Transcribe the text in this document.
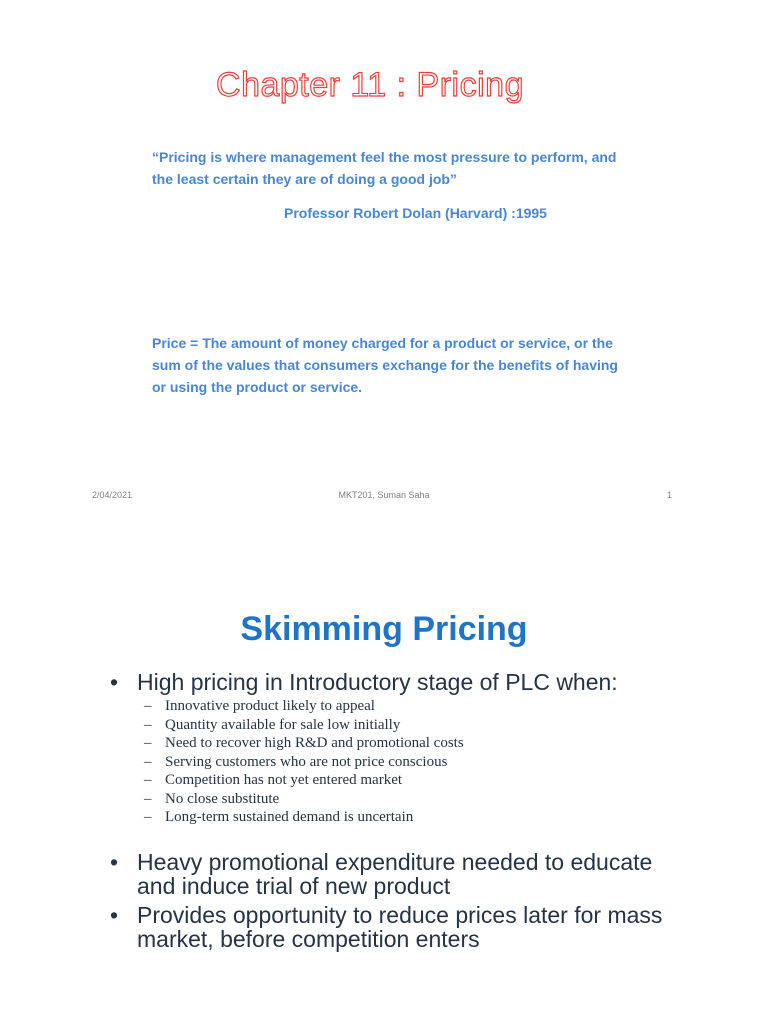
Chapter 11 : Pricing
“Pricing is where management feel the most pressure to perform, and the least certain they are of doing a good job”
Professor Robert Dolan (Harvard) :1995
Price = The amount of money charged for a product or service, or the sum of the values that consumers exchange for the benefits of having or using the product or service.
2/04/2021	MKT201, Suman Saha	1
Skimming Pricing
• High pricing in Introductory stage of PLC when:
– Innovative product likely to appeal
– Quantity available for sale low initially
– Need to recover high R&D and promotional costs
– Serving customers who are not price conscious
– Competition has not yet entered market
– No close substitute
– Long-term sustained demand is uncertain
• Heavy promotional expenditure needed to educate and induce trial of new product
• Provides opportunity to reduce prices later for mass market, before competition enters
